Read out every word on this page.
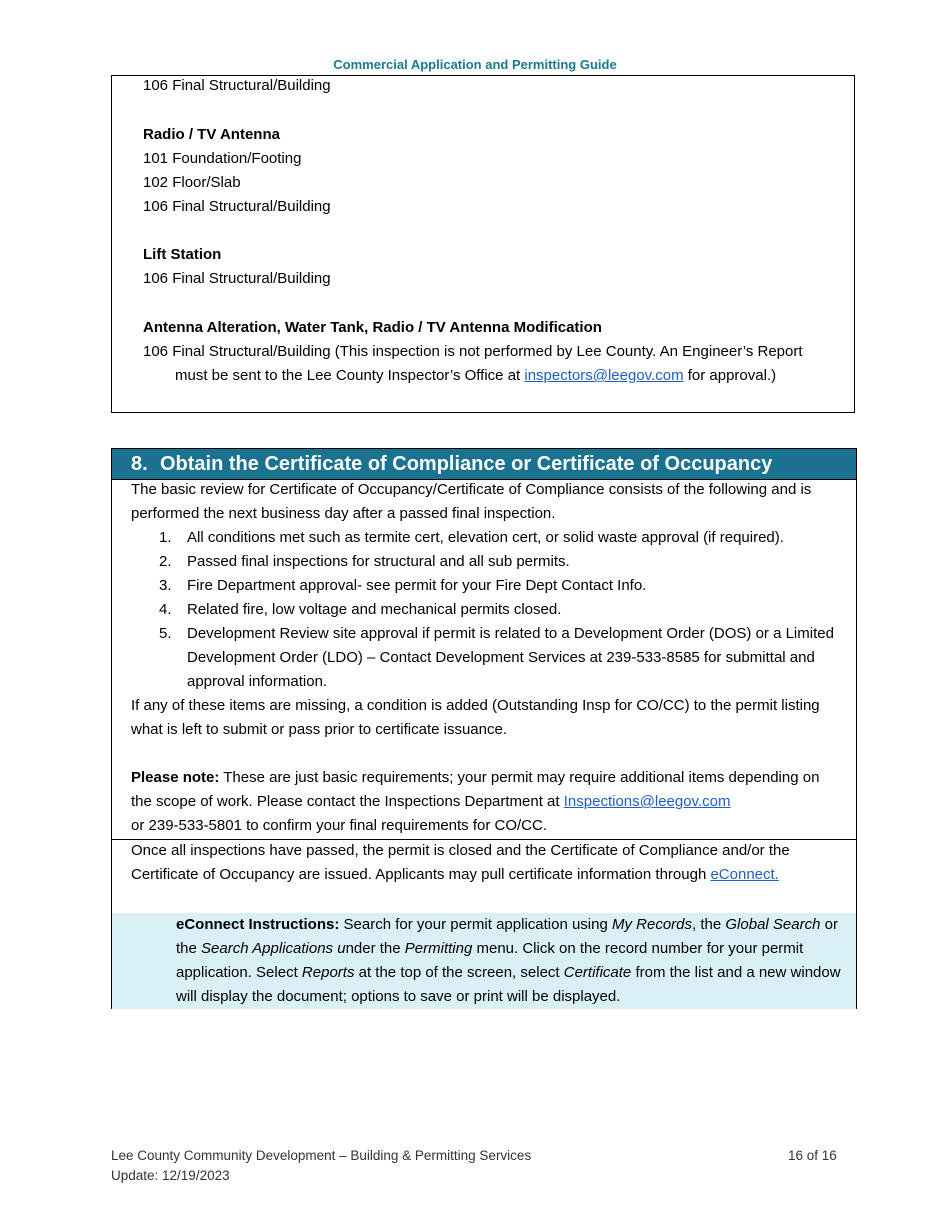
Commercial Application and Permitting Guide
106 Final Structural/Building
Radio / TV Antenna
101 Foundation/Footing
102 Floor/Slab
106 Final Structural/Building
Lift Station
106 Final Structural/Building
Antenna Alteration, Water Tank, Radio / TV Antenna Modification
106 Final Structural/Building (This inspection is not performed by Lee County. An Engineer’s Report
must be sent to the Lee County Inspector’s Office at inspectors@leegov.com for approval.)
8. Obtain the Certificate of Compliance or Certificate of Occupancy
The basic review for Certificate of Occupancy/Certificate of Compliance consists of the following and is performed the next business day after a passed final inspection.
1. All conditions met such as termite cert, elevation cert, or solid waste approval (if required).
2. Passed final inspections for structural and all sub permits.
3. Fire Department approval- see permit for your Fire Dept Contact Info.
4. Related fire, low voltage and mechanical permits closed.
5. Development Review site approval if permit is related to a Development Order (DOS) or a Limited Development Order (LDO) – Contact Development Services at 239-533-8585 for submittal and approval information.
If any of these items are missing, a condition is added (Outstanding Insp for CO/CC) to the permit listing what is left to submit or pass prior to certificate issuance.
Please note: These are just basic requirements; your permit may require additional items depending on the scope of work. Please contact the Inspections Department at Inspections@leegov.com
or 239-533-5801 to confirm your final requirements for CO/CC.
Once all inspections have passed, the permit is closed and the Certificate of Compliance and/or the Certificate of Occupancy are issued. Applicants may pull certificate information through eConnect.
eConnect Instructions: Search for your permit application using My Records, the Global Search or the Search Applications under the Permitting menu. Click on the record number for your permit application. Select Reports at the top of the screen, select Certificate from the list and a new window will display the document; options to save or print will be displayed.
Lee County Community Development – Building & Permitting Services
Update: 12/19/2023
16 of 16
